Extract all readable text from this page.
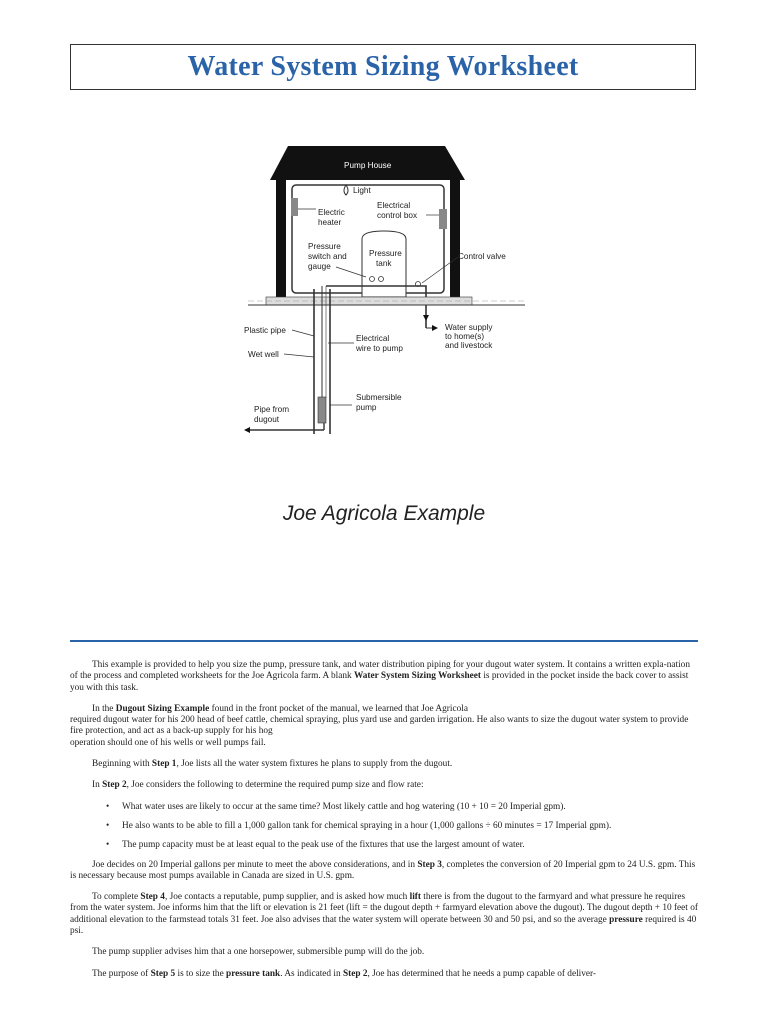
Water System Sizing Worksheet
Pump House
Light
Electric
heater
Electrical
control box
Pressure
tank
Pressure
switch and
gauge
Control valve
Water supply
to home(s)
and livestock
Submersible
pump
Plastic pipe
Wet well
Electrical
wire to pump
Pipe from
dugout
Joe Agricola Example

This example is provided to help you size the pump, pressure tank, and water distribution piping for your dugout water system. It contains a written expla-nation of the process and completed worksheets for the Joe Agricola farm. A blank Water System Sizing Worksheet is provided in the pocket inside the back cover to assist you with this task.

In the Dugout Sizing Example found in the front pocket of the manual, we learned that Joe Agricola
required dugout water for his 200 head of beef cattle, chemical spraying, plus yard use and garden irrigation. He also wants to size the dugout water system to provide fire protection, and act as a back-up supply for his hog
operation should one of his wells or well pumps fail.

Beginning with Step 1, Joe lists all the water system fixtures he plans to supply from the dugout.

In Step 2, Joe considers the following to determine the required pump size and flow rate:

• What water uses are likely to occur at the same time? Most likely cattle and hog watering (10 + 10 = 20 Imperial gpm).
• He also wants to be able to fill a 1,000 gallon tank for chemical spraying in a hour (1,000 gallons ÷ 60 minutes = 17 Imperial gpm).
• The pump capacity must be at least equal to the peak use of the fixtures that use the largest amount of water.

Joe decides on 20 Imperial gallons per minute to meet the above considerations, and in Step 3, completes the conversion of 20 Imperial gpm to 24 U.S. gpm. This is necessary because most pumps available in Canada are sized in U.S. gpm.

To complete Step 4, Joe contacts a reputable, pump supplier, and is asked how much lift there is from the dugout to the farmyard and what pressure he requires from the water system. Joe informs him that the lift or elevation is 21 feet (lift = the dugout depth + farmyard elevation above the dugout). The dugout depth + 10 feet of additional elevation to the farmstead totals 31 feet. Joe also advises that the water system will operate between 30 and 50 psi, and so the average pressure required is 40 psi.

The pump supplier advises him that a one horsepower, submersible pump will do the job.

The purpose of Step 5 is to size the pressure tank. As indicated in Step 2, Joe has determined that he needs a pump capable of deliver-
